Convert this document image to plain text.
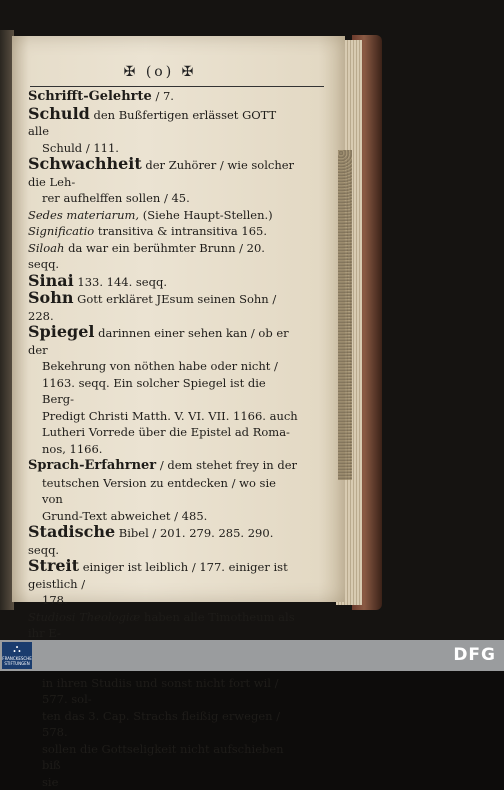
✠ (o) ✠

Schrifft-Gelehrte / 7.

Schuld den Bußfertigen erlässet GOTT alle
Schuld / 111.

Schwachheit der Zuhörer / wie solcher die Leh-
rer aufhelffen sollen / 45.

Sedes materiarum, (Siehe Haupt-Stellen.)

Significatio transitiva & intransitiva 165.

Siloah da war ein berühmter Brunn / 20. seqq.

Sinai 133. 144. seqq.

Sohn Gott erkläret JEsum seinen Sohn / 228.

Spiegel darinnen einer sehen kan / ob er der
Bekehrung von nöthen habe oder nicht /
1163. seqq. Ein solcher Spiegel ist die Berg-
Predigt Christi Matth. V. VI. VII. 1166. auch
Lutheri Vorrede über die Epistel ad Roma-
nos, 1166.

Sprach-Erfahrner / dem stehet frey in der
teutschen Version zu entdecken / wo sie von
Grund-Text abweichet / 485.

Stadische Bibel / 201. 279. 285. 290. seqq.

Streit einiger ist leiblich / 177. einiger ist geistlich /
178.

Studiosi Theologiæ haben alle Timotheum als ihr E-
in ihren Studiis und sonst nicht fort wil / 577. sol-
ten das 3. Cap. Strachs fleißig erwegen / 578.
sollen die Gottseligkeit nicht aufschieben biß
sie

⛬
FRANCKESCHE
STIFTUNGEN	DFG
